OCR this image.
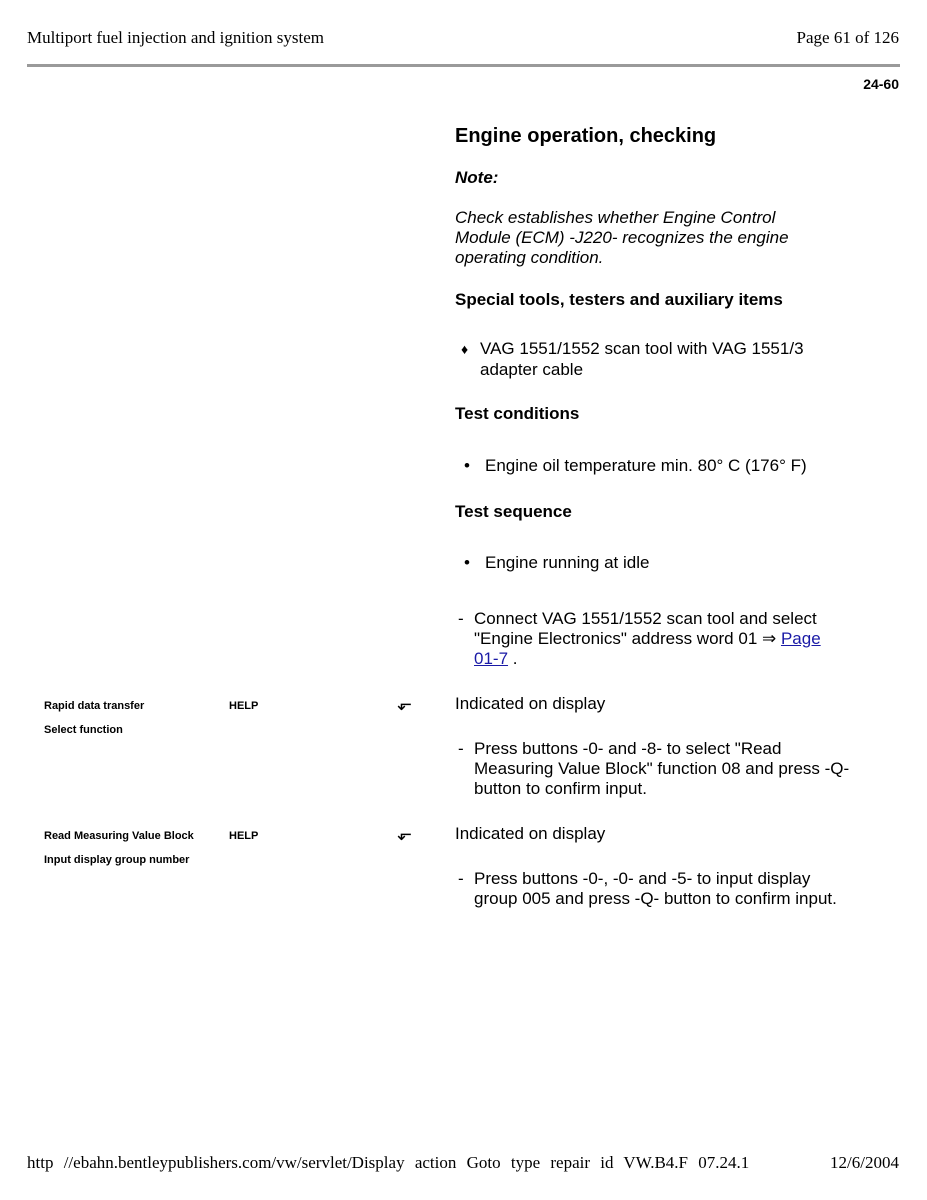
Multiport fuel injection and ignition system	Page 61 of 126
24-60
Engine operation, checking
Note:
Check establishes whether Engine Control
Module (ECM) -J220- recognizes the engine
operating condition.
Special tools, testers and auxiliary items
♦ VAG 1551/1552 scan tool with VAG 1551/3
adapter cable
Test conditions
• Engine oil temperature min. 80° C (176° F)
Test sequence
• Engine running at idle
- Connect VAG 1551/1552 scan tool and select
"Engine Electronics" address word 01 ⇒ Page
01-7 .
Rapid data transfer	HELP
Select function
⬐	Indicated on display
- Press buttons -0- and -8- to select "Read
Measuring Value Block" function 08 and press -Q-
button to confirm input.
Read Measuring Value Block	HELP
Input display group number
⬐	Indicated on display
- Press buttons -0-, -0- and -5- to input display
group 005 and press -Q- button to confirm input.
http //ebahn.bentleypublishers.com/vw/servlet/Display action Goto type repair id VW.B4.F 07.24.1	12/6/2004
